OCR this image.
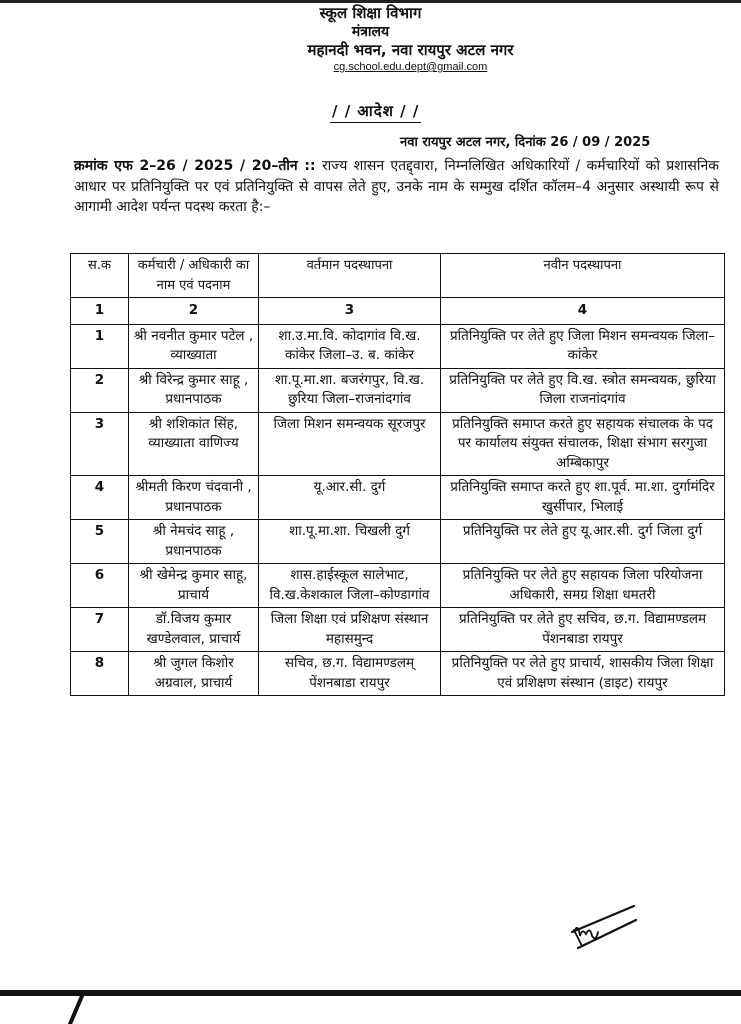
स्कूल शिक्षा विभाग
मंत्रालय
महानदी भवन, नवा रायपुर अटल नगर
cg.school.edu.dept@gmail.com
/ / आदेश / /
नवा रायपुर अटल नगर, दिनांक 26 / 09 / 2025
क्रमांक एफ 2–26 / 2025 / 20–तीन :: राज्य शासन एतद्द्वारा, निम्नलिखित अधिकारियों / कर्मचारियों को प्रशासनिक आधार पर प्रतिनियुक्ति पर एवं प्रतिनियुक्ति से वापस लेते हुए, उनके नाम के सम्मुख दर्शित कॉलम–4 अनुसार अस्थायी रूप से आगामी आदेश पर्यन्त पदस्थ करता है:–
स.क	कर्मचारी / अधिकारी का नाम एवं पदनाम	वर्तमान पदस्थापना	नवीन पदस्थापना
1	2	3	4
1	श्री नवनीत कुमार पटेल , व्याख्याता	शा.उ.मा.वि. कोदागांव वि.ख. कांकेर जिला–उ. ब. कांकेर	प्रतिनियुक्ति पर लेते हुए जिला मिशन समन्वयक जिला–कांकेर
2	श्री विरेन्द्र कुमार साहू , प्रधानपाठक	शा.पू.मा.शा. बजरंगपुर, वि.ख. छुरिया जिला–राजनांदगांव	प्रतिनियुक्ति पर लेते हुए वि.ख. स्त्रोत समन्वयक, छुरिया जिला राजनांदगांव
3	श्री शशिकांत सिंह, व्याख्याता वाणिज्य	जिला मिशन समन्वयक सूरजपुर	प्रतिनियुक्ति समाप्त करते हुए सहायक संचालक के पद पर कार्यालय संयुक्त संचालक, शिक्षा संभाग सरगुजा अम्बिकापुर
4	श्रीमती किरण चंदवानी , प्रधानपाठक	यू.आर.सी. दुर्ग	प्रतिनियुक्ति समाप्त करते हुए शा.पूर्व. मा.शा. दुर्गामंदिर खुर्सीपार, भिलाई
5	श्री नेमचंद साहू , प्रधानपाठक	शा.पू.मा.शा. चिखली दुर्ग	प्रतिनियुक्ति पर लेते हुए यू.आर.सी. दुर्ग जिला दुर्ग
6	श्री खेमेन्द्र कुमार साहू, प्राचार्य	शास.हाईस्कूल सालेभाट, वि.ख.केशकाल जिला–कोण्डागांव	प्रतिनियुक्ति पर लेते हुए सहायक जिला परियोजना अधिकारी, समग्र शिक्षा धमतरी
7	डॉ.विजय कुमार खण्डेलवाल, प्राचार्य	जिला शिक्षा एवं प्रशिक्षण संस्थान महासमुन्द	प्रतिनियुक्ति पर लेते हुए सचिव, छ.ग. विद्यामण्डलम पेंशनबाडा रायपुर
8	श्री जुगल किशोर अग्रवाल, प्राचार्य	सचिव, छ.ग. विद्यामण्डलम् पेंशनबाडा रायपुर	प्रतिनियुक्ति पर लेते हुए प्राचार्य, शासकीय जिला शिक्षा एवं प्रशिक्षण संस्थान (डाइट) रायपुर
